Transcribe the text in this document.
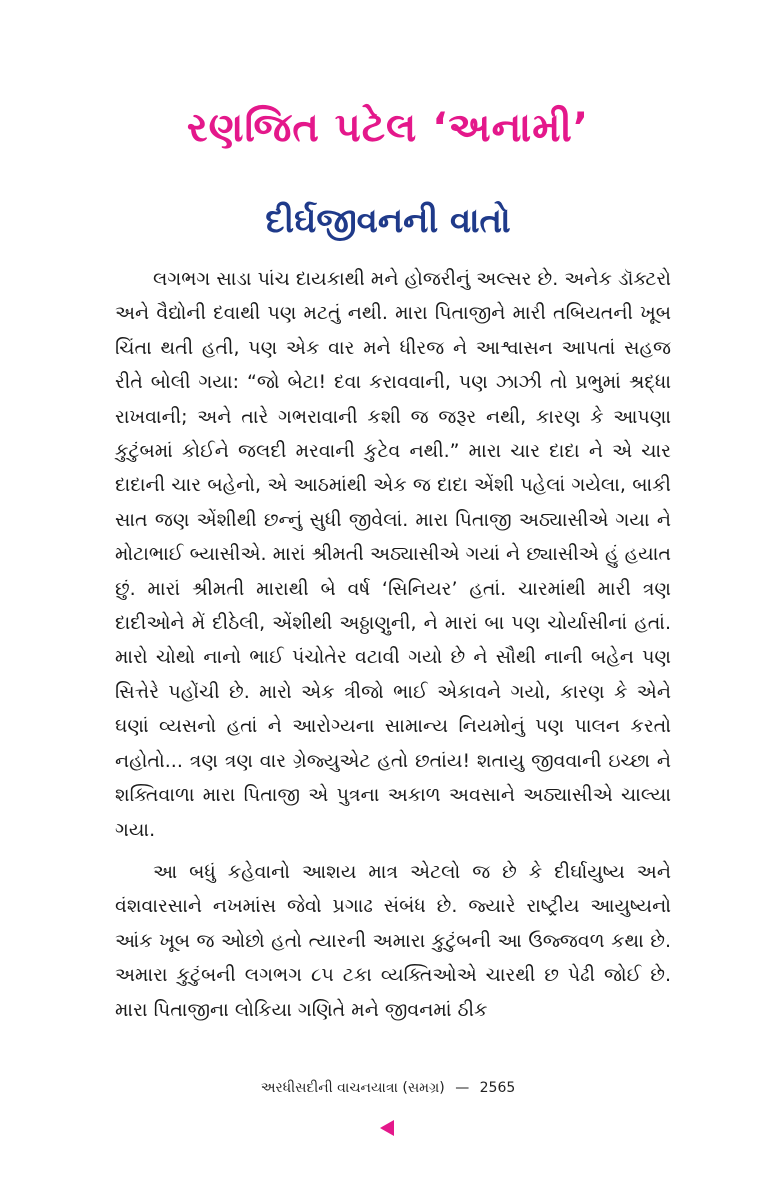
રણજિત પટેલ ‘અનામી’
દીર્ઘજીવનની વાતો

લગભગ સાડા પાંચ દાયકાથી મને હોજરીનું અલ્સર છે. અનેક ડૉક્ટરો અને વૈદ્યોની દવાથી પણ મટતું નથી. મારા પિતાજીને મારી તબિયતની ખૂબ ચિંતા થતી હતી, પણ એક વાર મને ધીરજ ને આશ્વાસન આપતાં સહજ રીતે બોલી ગયા: “જો બેટા! દવા કરાવવાની, પણ ઝાઝી તો પ્રભુમાં શ્રદ્ધા રાખવાની; અને તારે ગભરાવાની કશી જ જરૂર નથી, કારણ કે આપણા કુટુંબમાં કોઈને જલદી મરવાની કુટેવ નથી.” મારા ચાર દાદા ને એ ચાર દાદાની ચાર બહેનો, એ આઠમાંથી એક જ દાદા એંશી પહેલાં ગયેલા, બાકી સાત જણ એંશીથી છન્નું સુધી જીવેલાં. મારા પિતાજી અઠ્યાસીએ ગયા ને મોટાભાઈ બ્યાસીએ. મારાં શ્રીમતી અઠ્યાસીએ ગયાં ને છ્યાસીએ હું હયાત છું. મારાં શ્રીમતી મારાથી બે વર્ષ ‘સિનિયર’ હતાં. ચારમાંથી મારી ત્રણ દાદીઓને મેં દીઠેલી, એંશીથી અઠ્ઠાણુની, ને મારાં બા પણ ચોર્યાસીનાં હતાં. મારો ચોથો નાનો ભાઈ પંચોતેર વટાવી ગયો છે ને સૌથી નાની બહેન પણ સિત્તેરે પહોંચી છે. મારો એક ત્રીજો ભાઈ એકાવને ગયો, કારણ કે એને ઘણાં વ્યસનો હતાં ને આરોગ્યના સામાન્ય નિયમોનું પણ પાલન કરતો નહોતો... ત્રણ ત્રણ વાર ગ્રેજ્યુએટ હતો છતાંય! શતાયુ જીવવાની ઇચ્છા ને શક્તિવાળા મારા પિતાજી એ પુત્રના અકાળ અવસાને અઠ્યાસીએ ચાલ્યા ગયા.

આ બધું કહેવાનો આશય માત્ર એટલો જ છે કે દીર્ઘાયુષ્ય અને વંશવારસાને નખમાંસ જેવો પ્રગાઢ સંબંધ છે. જ્યારે રાષ્ટ્રીય આયુષ્યનો આંક ખૂબ જ ઓછો હતો ત્યારની અમારા કુટુંબની આ ઉજ્જવળ કથા છે. અમારા કુટુંબની લગભગ ૮૫ ટકા વ્યક્તિઓએ ચારથી છ પેઢી જોઈ છે. મારા પિતાજીના લોકિયા ગણિતે મને જીવનમાં ઠીક

અરધીસદીની વાચનયાત્રા (સમગ્ર) — 2565
